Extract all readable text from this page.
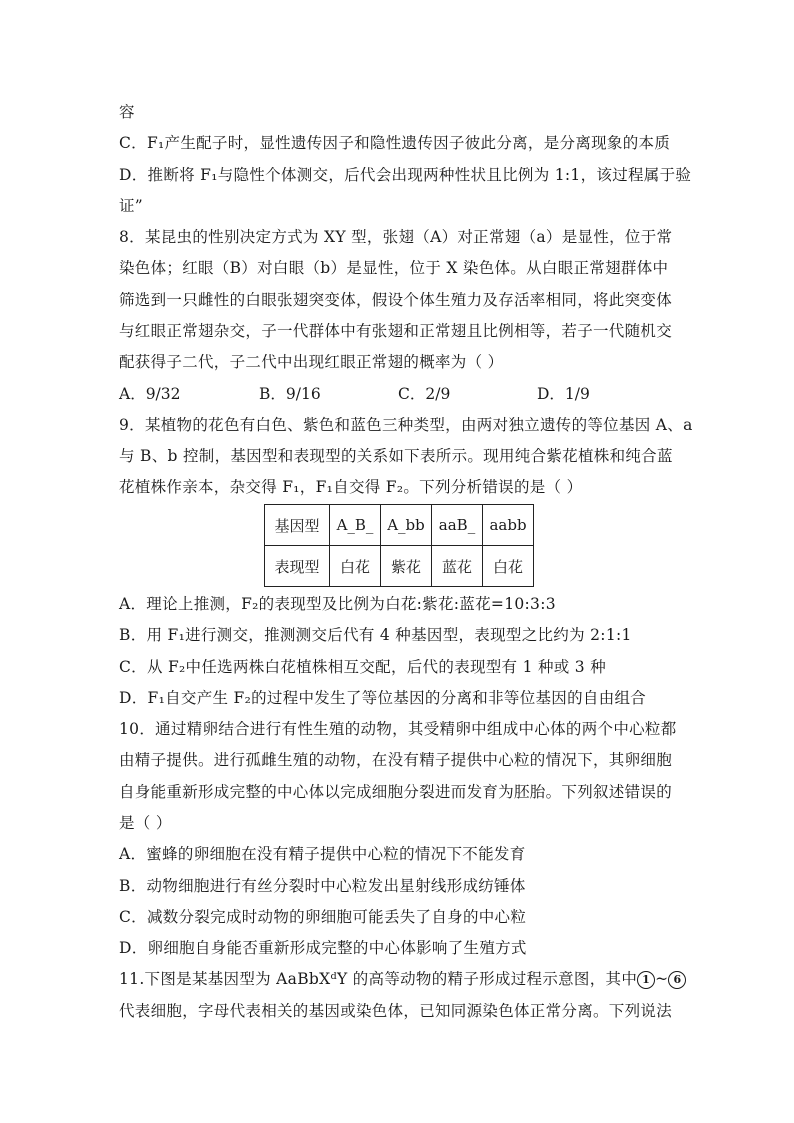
容
C．F₁产生配子时，显性遗传因子和隐性遗传因子彼此分离，是分离现象的本质
D．推断将 F₁与隐性个体测交，后代会出现两种性状且比例为 1:1，该过程属于验
证”
8．某昆虫的性别决定方式为 XY 型，张翅（A）对正常翅（a）是显性，位于常
染色体；红眼（B）对白眼（b）是显性，位于 X 染色体。从白眼正常翅群体中
筛选到一只雌性的白眼张翅突变体，假设个体生殖力及存活率相同，将此突变体
与红眼正常翅杂交，子一代群体中有张翅和正常翅且比例相等，若子一代随机交
配获得子二代，子二代中出现红眼正常翅的概率为（ ）
A．9/32	B．9/16	C．2/9	D．1/9
9．某植物的花色有白色、紫色和蓝色三种类型，由两对独立遗传的等位基因 A、a
与 B、b 控制，基因型和表现型的关系如下表所示。现用纯合紫花植株和纯合蓝
花植株作亲本，杂交得 F₁，F₁自交得 F₂。下列分析错误的是（ ）
基因型	A_B_	A_bb	aaB_	aabb
表现型	白花	紫花	蓝花	白花
A．理论上推测，F₂的表现型及比例为白花:紫花:蓝花=10:3:3
B．用 F₁进行测交，推测测交后代有 4 种基因型，表现型之比约为 2:1:1
C．从 F₂中任选两株白花植株相互交配，后代的表现型有 1 种或 3 种
D．F₁自交产生 F₂的过程中发生了等位基因的分离和非等位基因的自由组合
10．通过精卵结合进行有性生殖的动物，其受精卵中组成中心体的两个中心粒都
由精子提供。进行孤雌生殖的动物，在没有精子提供中心粒的情况下，其卵细胞
自身能重新形成完整的中心体以完成细胞分裂进而发育为胚胎。下列叙述错误的
是（ ）
A．蜜蜂的卵细胞在没有精子提供中心粒的情况下不能发育
B．动物细胞进行有丝分裂时中心粒发出星射线形成纺锤体
C．减数分裂完成时动物的卵细胞可能丢失了自身的中心粒
D．卵细胞自身能否重新形成完整的中心体影响了生殖方式
11.下图是某基因型为 AaBbXᵈY 的高等动物的精子形成过程示意图，其中 1 ~ 6
代表细胞，字母代表相关的基因或染色体，已知同源染色体正常分离。下列说法
